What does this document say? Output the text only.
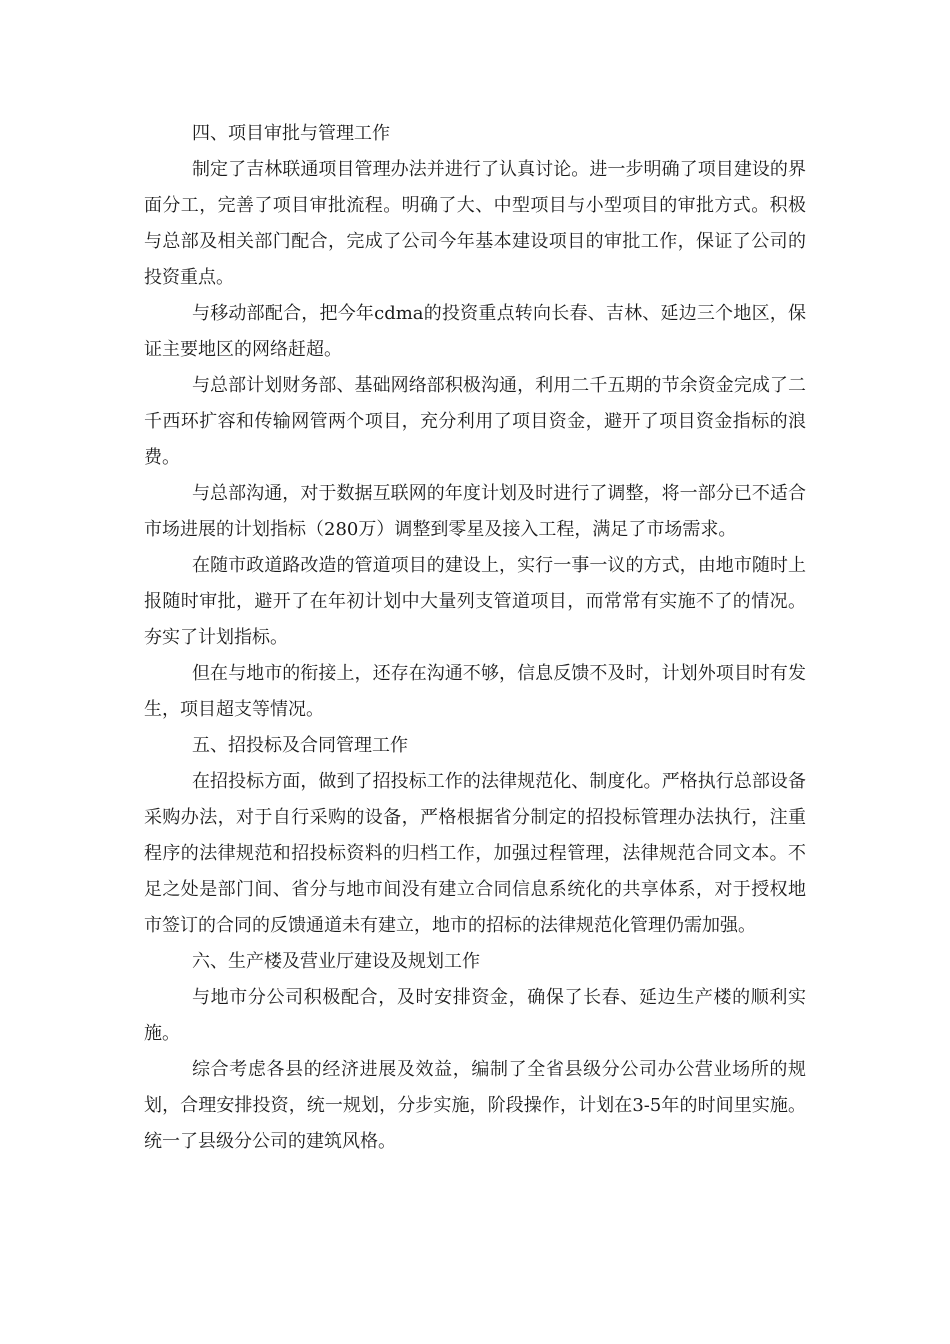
四、项目审批与管理工作

制定了吉林联通项目管理办法并进行了认真讨论。进一步明确了项目建设的界面分工，完善了项目审批流程。明确了大、中型项目与小型项目的审批方式。积极与总部及相关部门配合，完成了公司今年基本建设项目的审批工作，保证了公司的投资重点。

与移动部配合，把今年cdma的投资重点转向长春、吉林、延边三个地区，保证主要地区的网络赶超。

与总部计划财务部、基础网络部积极沟通，利用二千五期的节余资金完成了二千西环扩容和传输网管两个项目，充分利用了项目资金，避开了项目资金指标的浪费。

与总部沟通，对于数据互联网的年度计划及时进行了调整，将一部分已不适合市场进展的计划指标（280万）调整到零星及接入工程，满足了市场需求。

在随市政道路改造的管道项目的建设上，实行一事一议的方式，由地市随时上报随时审批，避开了在年初计划中大量列支管道项目，而常常有实施不了的情况。夯实了计划指标。

但在与地市的衔接上，还存在沟通不够，信息反馈不及时，计划外项目时有发生，项目超支等情况。

五、招投标及合同管理工作

在招投标方面，做到了招投标工作的法律规范化、制度化。严格执行总部设备采购办法，对于自行采购的设备，严格根据省分制定的招投标管理办法执行，注重程序的法律规范和招投标资料的归档工作，加强过程管理，法律规范合同文本。不足之处是部门间、省分与地市间没有建立合同信息系统化的共享体系，对于授权地市签订的合同的反馈通道未有建立，地市的招标的法律规范化管理仍需加强。

六、生产楼及营业厅建设及规划工作

与地市分公司积极配合，及时安排资金，确保了长春、延边生产楼的顺利实施。

综合考虑各县的经济进展及效益，编制了全省县级分公司办公营业场所的规划，合理安排投资，统一规划，分步实施，阶段操作，计划在3-5年的时间里实施。统一了县级分公司的建筑风格。
